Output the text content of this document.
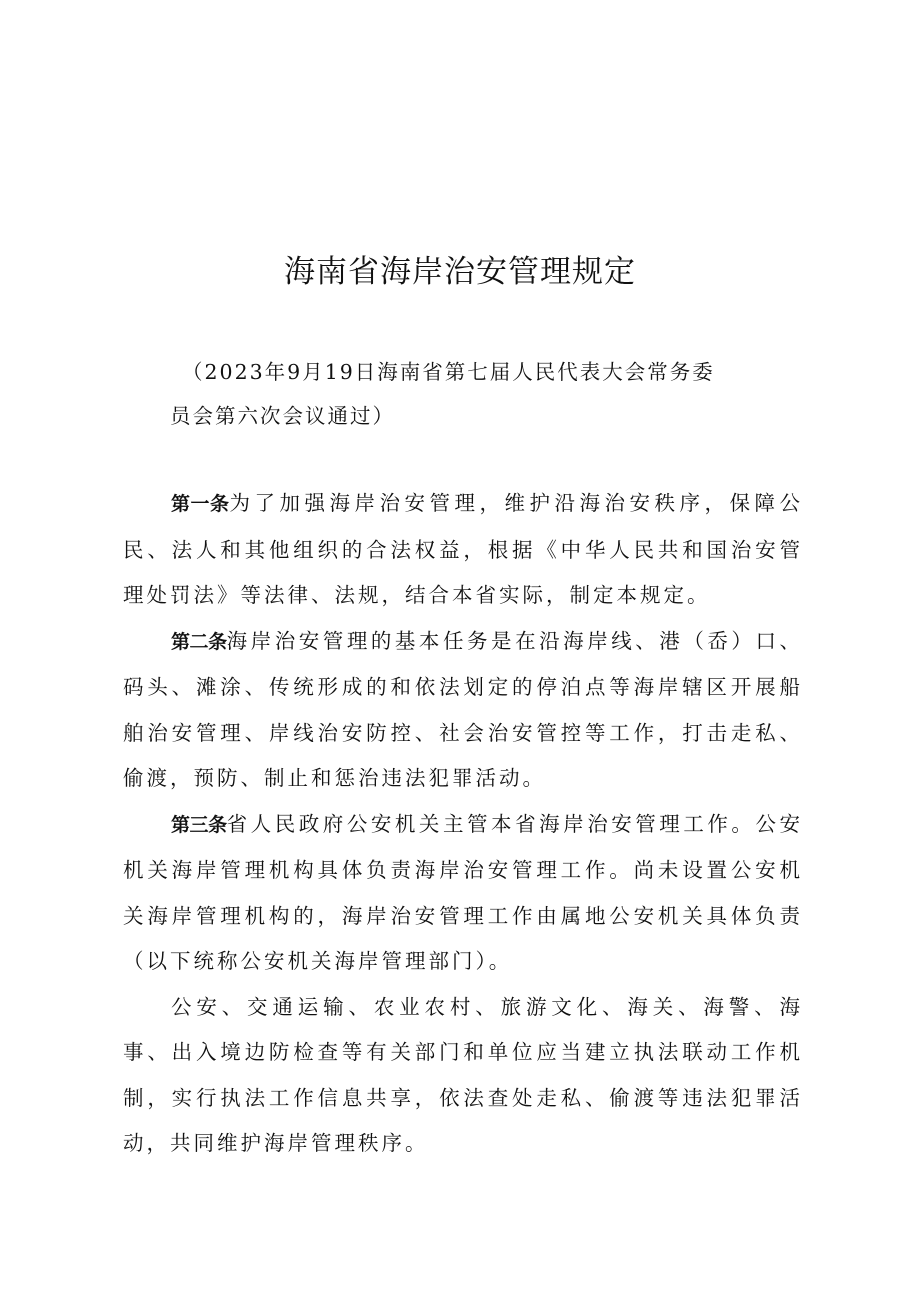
海南省海岸治安管理规定
（2023年9月19日海南省第七届人民代表大会常务委员会第六次会议通过）

第一条为了加强海岸治安管理，维护沿海治安秩序，保障公民、法人和其他组织的合法权益，根据《中华人民共和国治安管理处罚法》等法律、法规，结合本省实际，制定本规定。

第二条海岸治安管理的基本任务是在沿海岸线、港（岙）口、码头、滩涂、传统形成的和依法划定的停泊点等海岸辖区开展船舶治安管理、岸线治安防控、社会治安管控等工作，打击走私、偷渡，预防、制止和惩治违法犯罪活动。

第三条省人民政府公安机关主管本省海岸治安管理工作。公安机关海岸管理机构具体负责海岸治安管理工作。尚未设置公安机关海岸管理机构的，海岸治安管理工作由属地公安机关具体负责（以下统称公安机关海岸管理部门）。

公安、交通运输、农业农村、旅游文化、海关、海警、海事、出入境边防检查等有关部门和单位应当建立执法联动工作机制，实行执法工作信息共享，依法查处走私、偷渡等违法犯罪活动，共同维护海岸管理秩序。
